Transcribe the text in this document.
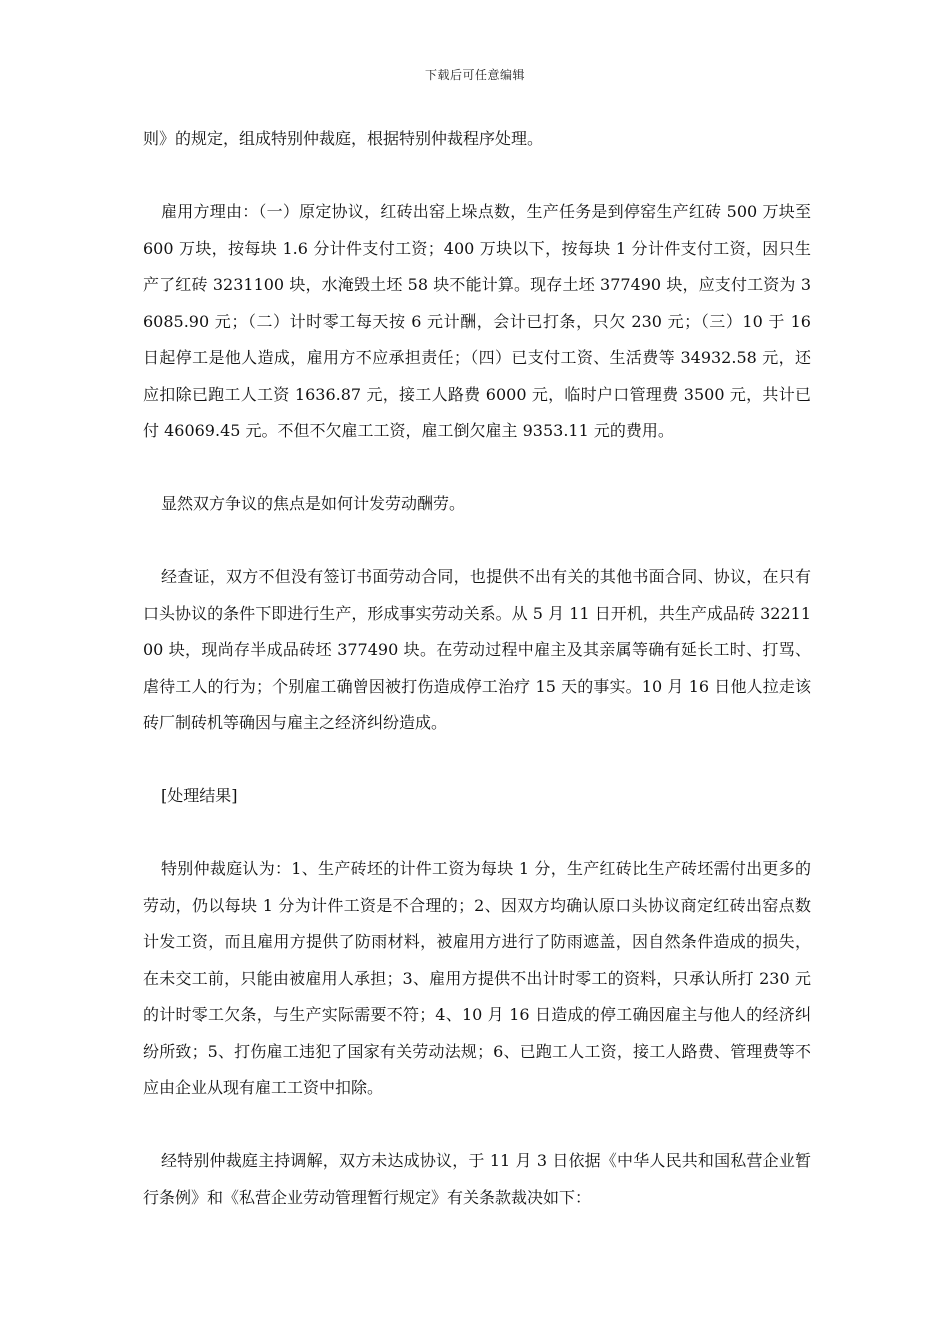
下载后可任意编辑

则》的规定，组成特别仲裁庭，根据特别仲裁程序处理。

雇用方理由：（一）原定协议，红砖出窑上垛点数，生产任务是到停窑生产红砖 500 万块至 600 万块，按每块 1.6 分计件支付工资；400 万块以下，按每块 1 分计件支付工资，因只生产了红砖 3231100 块，水淹毁土坯 58 块不能计算。现存土坯 377490 块，应支付工资为 36085.90 元；（二）计时零工每天按 6 元计酬，会计已打条，只欠 230 元；（三）10 于 16 日起停工是他人造成，雇用方不应承担责任；（四）已支付工资、生活费等 34932.58 元，还应扣除已跑工人工资 1636.87 元，接工人路费 6000 元，临时户口管理费 3500 元，共计已付 46069.45 元。不但不欠雇工工资，雇工倒欠雇主 9353.11 元的费用。

显然双方争议的焦点是如何计发劳动酬劳。

经查证，双方不但没有签订书面劳动合同，也提供不出有关的其他书面合同、协议，在只有口头协议的条件下即进行生产，形成事实劳动关系。从 5 月 11 日开机，共生产成品砖 3221100 块，现尚存半成品砖坯 377490 块。在劳动过程中雇主及其亲属等确有延长工时、打骂、虐待工人的行为；个别雇工确曾因被打伤造成停工治疗 15 天的事实。10 月 16 日他人拉走该砖厂制砖机等确因与雇主之经济纠纷造成。

[处理结果]

特别仲裁庭认为：1、生产砖坯的计件工资为每块 1 分，生产红砖比生产砖坯需付出更多的劳动，仍以每块 1 分为计件工资是不合理的；2、因双方均确认原口头协议商定红砖出窑点数计发工资，而且雇用方提供了防雨材料，被雇用方进行了防雨遮盖，因自然条件造成的损失，在未交工前，只能由被雇用人承担；3、雇用方提供不出计时零工的资料，只承认所打 230 元的计时零工欠条，与生产实际需要不符；4、10 月 16 日造成的停工确因雇主与他人的经济纠纷所致；5、打伤雇工违犯了国家有关劳动法规；6、已跑工人工资，接工人路费、管理费等不应由企业从现有雇工工资中扣除。

经特别仲裁庭主持调解，双方未达成协议，于 11 月 3 日依据《中华人民共和国私营企业暂行条例》和《私营企业劳动管理暂行规定》有关条款裁决如下：
